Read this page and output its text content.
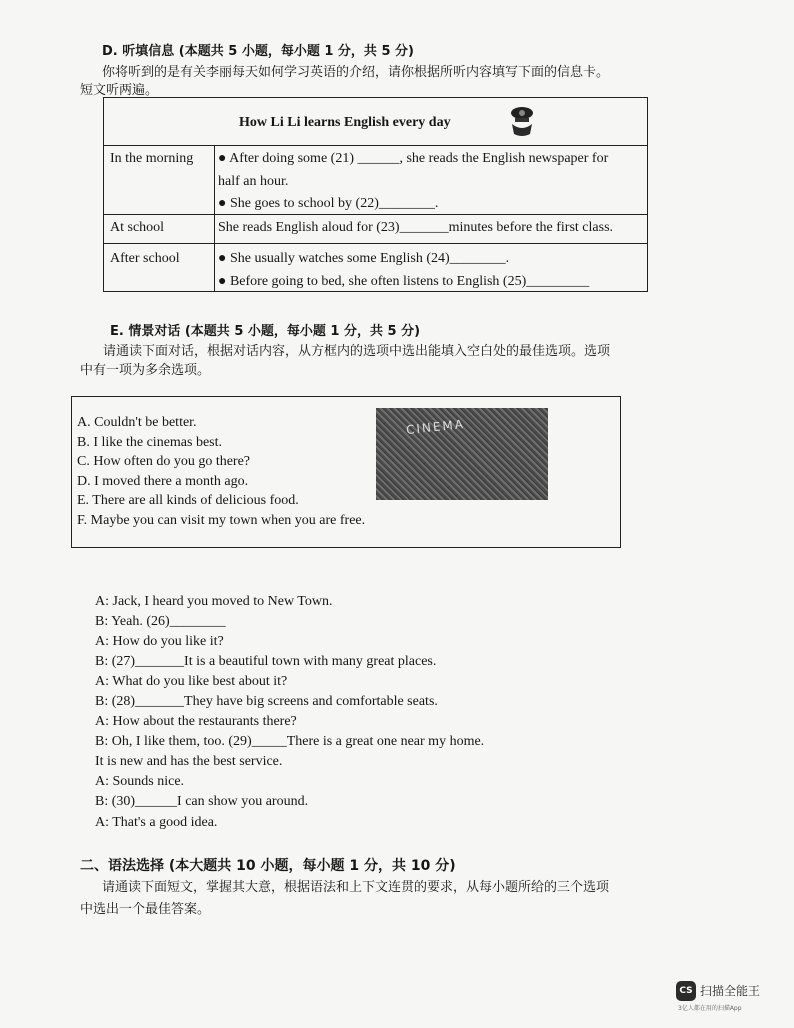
D. 听填信息 (本题共 5 小题，每小题 1 分，共 5 分)
你将听到的是有关李丽每天如何学习英语的介绍，请你根据所听内容填写下面的信息卡。
短文听两遍。
How Li Li learns English every day
In the morning ● After doing some (21) ______, she reads the English newspaper for
half an hour.
● She goes to school by (22)________.
At school	She reads English aloud for (23)_______minutes before the first class.
After school	● She usually watches some English (24)________.
● Before going to bed, she often listens to English (25)_________
E. 情景对话 (本题共 5 小题，每小题 1 分，共 5 分)
请通读下面对话，根据对话内容，从方框内的选项中选出能填入空白处的最佳选项。选项
中有一项为多余选项。
A. Couldn't be better.
B. I like the cinemas best.
C. How often do you go there?
D. I moved there a month ago.
E. There are all kinds of delicious food.
F. Maybe you can visit my town when you are free.
CINEMA
A: Jack, I heard you moved to New Town.
B: Yeah. (26)________
A: How do you like it?
B: (27)_______It is a beautiful town with many great places.
A: What do you like best about it?
B: (28)_______They have big screens and comfortable seats.
A: How about the restaurants there?
B: Oh, I like them, too. (29)_____There is a great one near my home.
It is new and has the best service.
A: Sounds nice.
B: (30)______I can show you around.
A: That's a good idea.
二、语法选择 (本大题共 10 小题，每小题 1 分，共 10 分)
请通读下面短文，掌握其大意，根据语法和上下文连贯的要求，从每小题所给的三个选项
中选出一个最佳答案。
CS 扫描全能王
3亿人都在用的扫描App
